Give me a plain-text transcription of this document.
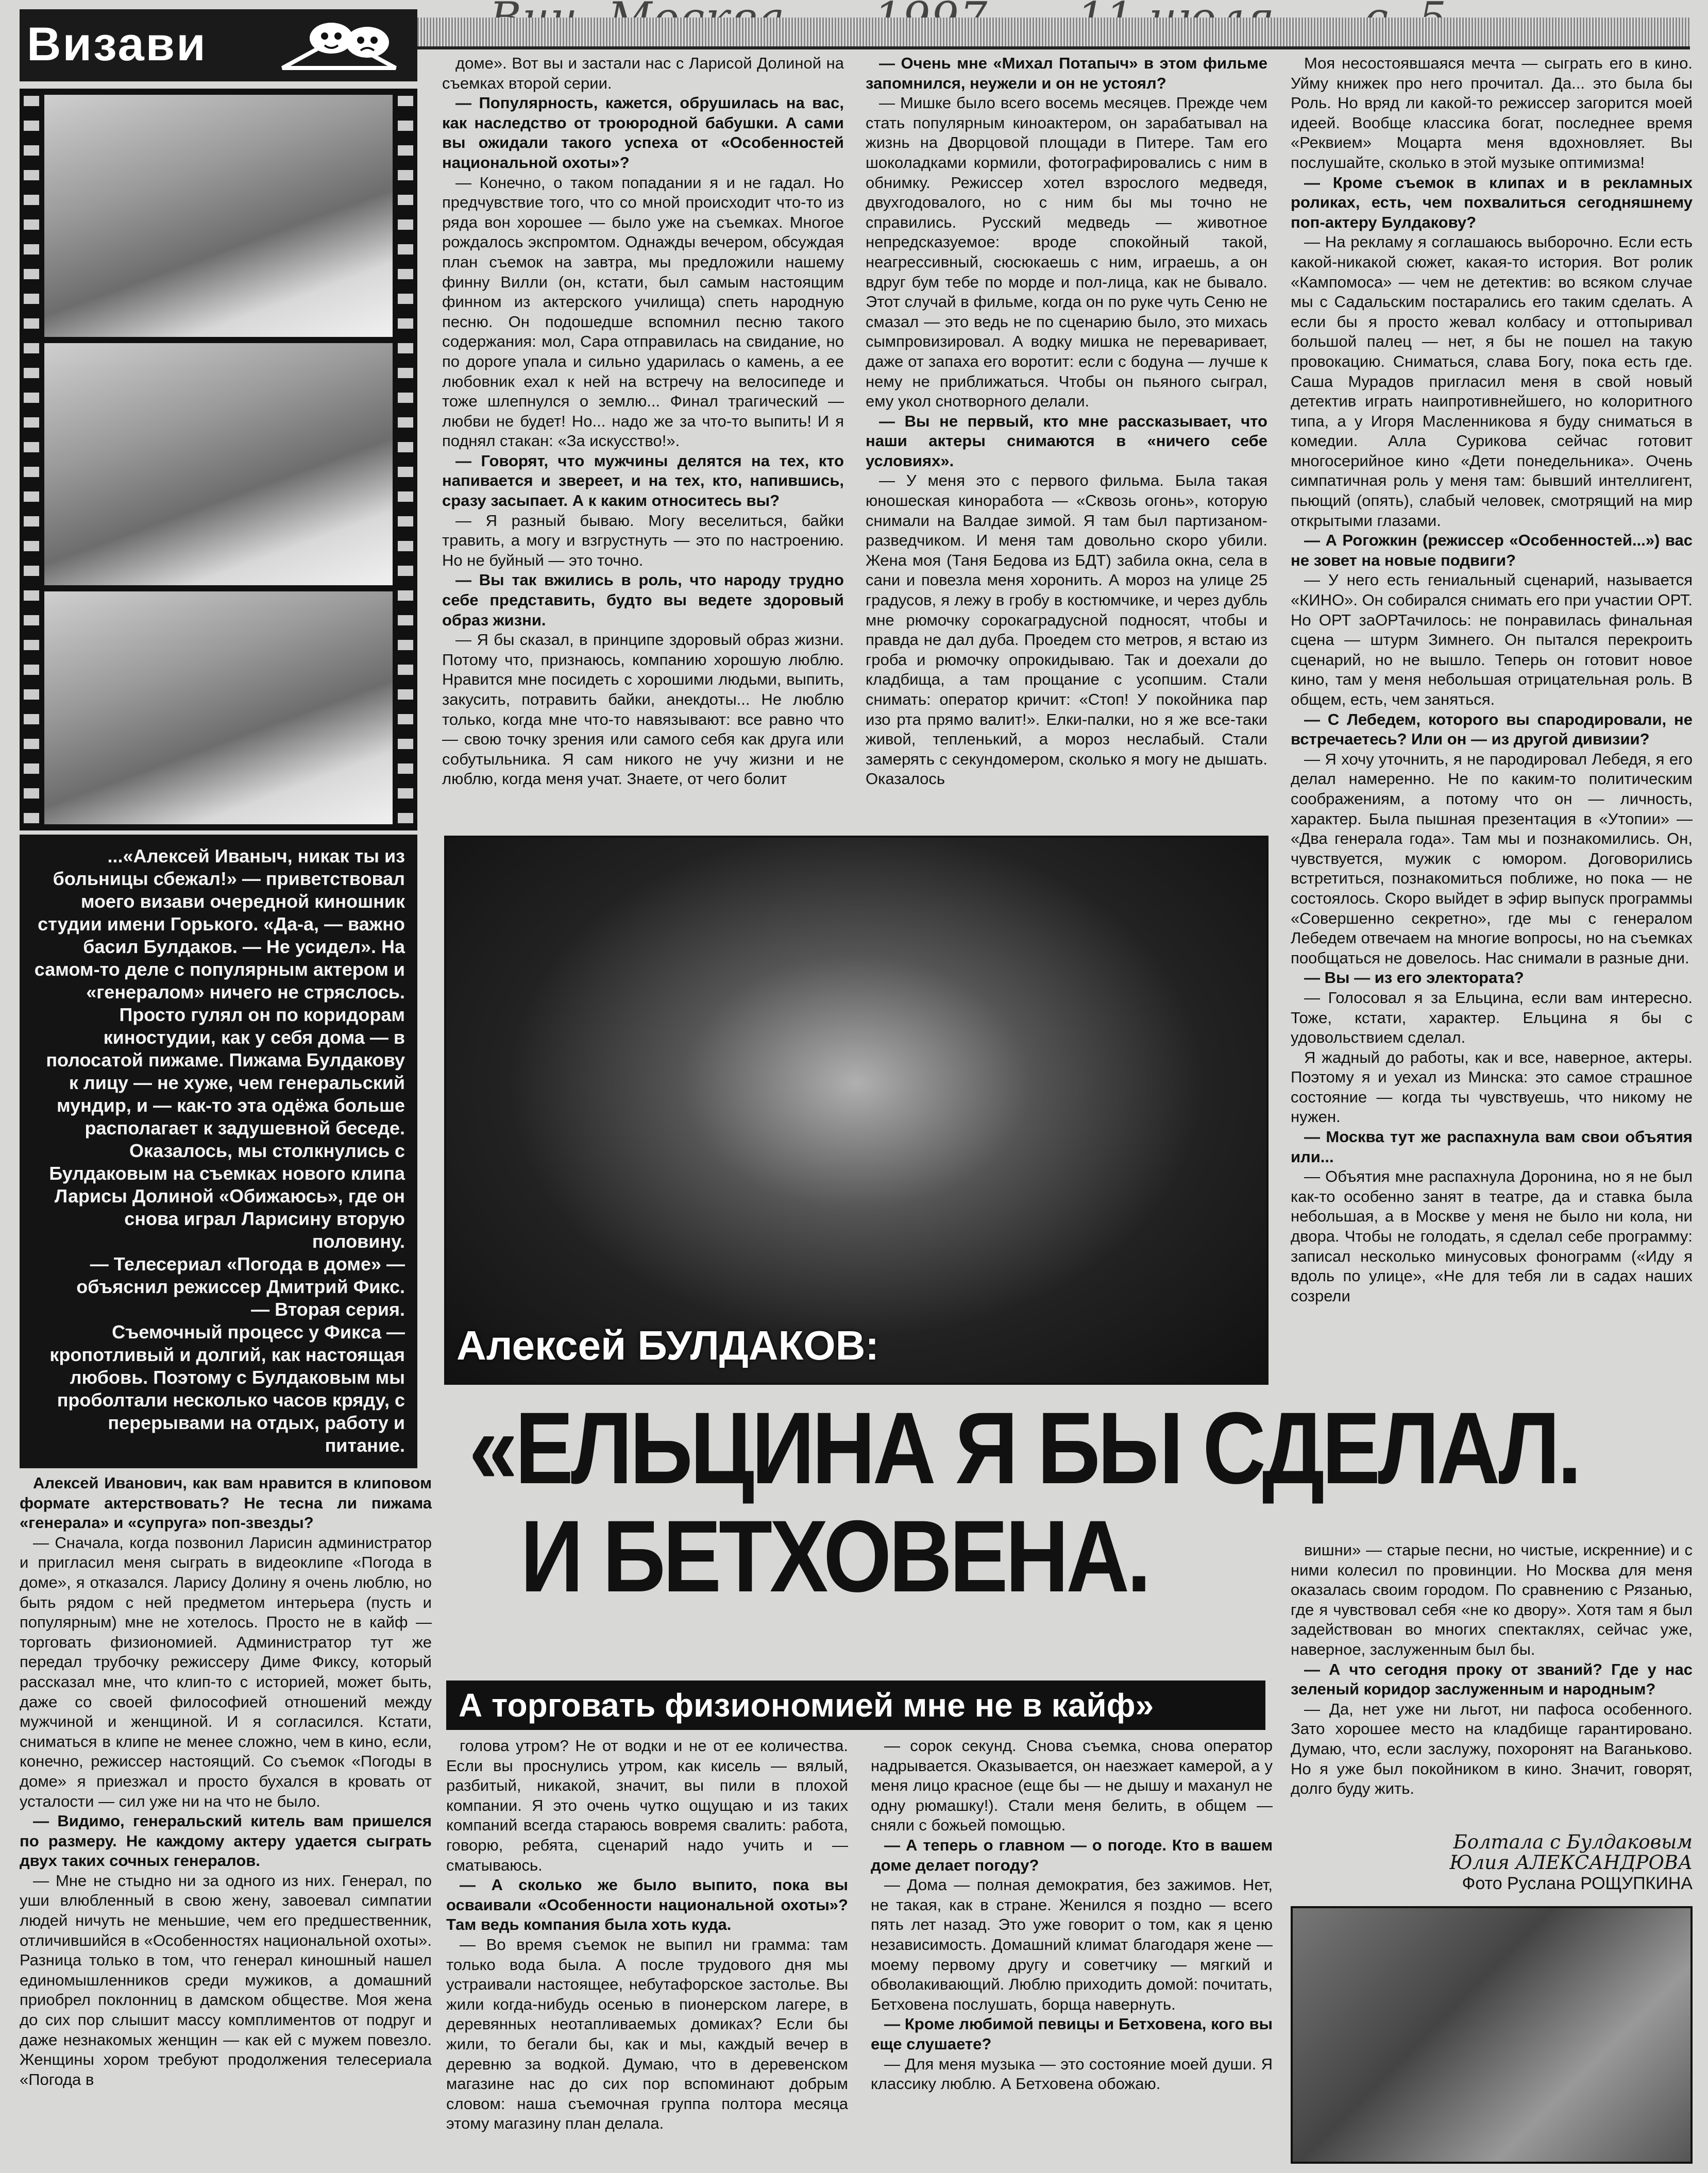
Визави

...«Алексей Иваныч, никак ты из больницы сбежал!» — приветствовал моего визави очередной киношник студии имени Горького. «Да-а, — важно басил Булдаков. — Не усидел». На самом-то деле с популярным актером и «генералом» ничего не стряслось. Просто гулял он по коридорам киностудии, как у себя дома — в полосатой пижаме. Пижама Булдакову к лицу — не хуже, чем генеральский мундир, и — как-то эта одёжа больше располагает к задушевной беседе. Оказалось, мы столкнулись с Булдаковым на съемках нового клипа Ларисы Долиной «Обижаюсь», где он снова играл Ларисину вторую половину.

— Телесериал «Погода в доме» — объяснил режиссер Дмитрий Фикс.

— Вторая серия.

Съемочный процесс у Фикса — кропотливый и долгий, как настоящая любовь. Поэтому с Булдаковым мы проболтали несколько часов кряду, с перерывами на отдых, работу и питание.

доме». Вот вы и застали нас с Ларисой Долиной на съемках второй серии.

— Популярность, кажется, обрушилась на вас, как наследство от троюродной бабушки. А сами вы ожидали такого успеха от «Особенностей национальной охоты»?

— Конечно, о таком попадании я и не гадал. Но предчувствие того, что со мной происходит что-то из ряда вон хорошее — было уже на съемках. Многое рождалось экспромтом. Однажды вечером, обсуждая план съемок на завтра, мы предложили нашему финну Вилли (он, кстати, был самым настоящим финном из актерского училища) спеть народную песню. Он подошедше вспомнил песню такого содержания: мол, Сара отправилась на свидание, но по дороге упала и сильно ударилась о камень, а ее любовник ехал к ней на встречу на велосипеде и тоже шлепнулся о землю... Финал трагический — любви не будет! Но... надо же за что-то выпить! И я поднял стакан: «За искусство!».

— Говорят, что мужчины делятся на тех, кто напивается и звереет, и на тех, кто, напившись, сразу засыпает. А к каким относитесь вы?

— Я разный бываю. Могу веселиться, байки травить, а могу и взгрустнуть — это по настроению. Но не буйный — это точно.

— Вы так вжились в роль, что народу трудно себе представить, будто вы ведете здоровый образ жизни.

— Я бы сказал, в принципе здоровый образ жизни. Потому что, признаюсь, компанию хорошую люблю. Нравится мне посидеть с хорошими людьми, выпить, закусить, потравить байки, анекдоты... Не люблю только, когда мне что-то навязывают: все равно что — свою точку зрения или самого себя как друга или собутыльника. Я сам никого не учу жизни и не люблю, когда меня учат. Знаете, от чего болит

— Очень мне «Михал Потапыч» в этом фильме запомнился, неужели и он не устоял?

— Мишке было всего восемь месяцев. Прежде чем стать популярным киноактером, он зарабатывал на жизнь на Дворцовой площади в Питере. Там его шоколадками кормили, фотографировались с ним в обнимку. Режиссер хотел взрослого медведя, двухгодовалого, но с ним бы мы точно не справились. Русский медведь — животное непредсказуемое: вроде спокойный такой, неагрессивный, сюсюкаешь с ним, играешь, а он вдруг бум тебе по морде и пол-лица, как не бывало. Этот случай в фильме, когда он по руке чуть Сеню не смазал — это ведь не по сценарию было, это михась сымпровизировал. А водку мишка не переваривает, даже от запаха его воротит: если с бодуна — лучше к нему не приближаться. Чтобы он пьяного сыграл, ему укол снотворного делали.

— Вы не первый, кто мне рассказывает, что наши актеры снимаются в «ничего себе условиях».

— У меня это с первого фильма. Была такая юношеская киноработа — «Сквозь огонь», которую снимали на Валдае зимой. Я там был партизаном-разведчиком. И меня там довольно скоро убили. Жена моя (Таня Бедова из БДТ) забила окна, села в сани и повезла меня хоронить. А мороз на улице 25 градусов, я лежу в гробу в костюмчике, и через дубль мне рюмочку сорокаградусной подносят, чтобы и правда не дал дуба. Проедем сто метров, я встаю из гроба и рюмочку опрокидываю. Так и доехали до кладбища, а там прощание с усопшим. Стали снимать: оператор кричит: «Стоп! У покойника пар изо рта прямо валит!». Елки-палки, но я же все-таки живой, тепленький, а мороз неслабый. Стали замерять с секундомером, сколько я могу не дышать. Оказалось

Моя несостоявшаяся мечта — сыграть его в кино. Уйму книжек про него прочитал. Да... это была бы Роль. Но вряд ли какой-то режиссер загорится моей идеей. Вообще классика богат, последнее время «Реквием» Моцарта меня вдохновляет. Вы послушайте, сколько в этой музыке оптимизма!

— Кроме съемок в клипах и в рекламных роликах, есть, чем похвалиться сегодняшнему поп-актеру Булдакову?

— На рекламу я соглашаюсь выборочно. Если есть какой-никакой сюжет, какая-то история. Вот ролик «Кампомоса» — чем не детектив: во всяком случае мы с Садальским постарались его таким сделать. А если бы я просто жевал колбасу и оттопыривал большой палец — нет, я бы не пошел на такую провокацию. Сниматься, слава Богу, пока есть где. Саша Мурадов пригласил меня в свой новый детектив играть наипротивнейшего, но колоритного типа, а у Игоря Масленникова я буду сниматься в комедии. Алла Сурикова сейчас готовит многосерийное кино «Дети понедельника». Очень симпатичная роль у меня там: бывший интеллигент, пьющий (опять), слабый человек, смотрящий на мир открытыми глазами.

— А Рогожкин (режиссер «Особенностей...») вас не зовет на новые подвиги?

— У него есть гениальный сценарий, называется «КИНО». Он собирался снимать его при участии ОРТ. Но ОРТ заОРТачилось: не понравилась финальная сцена — штурм Зимнего. Он пытался перекроить сценарий, но не вышло. Теперь он готовит новое кино, там у меня небольшая отрицательная роль. В общем, есть, чем заняться.

— С Лебедем, которого вы спародировали, не встречаетесь? Или он — из другой дивизии?

— Я хочу уточнить, я не пародировал Лебедя, я его делал намеренно. Не по каким-то политическим соображениям, а потому что он — личность, характер. Была пышная презентация в «Утопии» — «Два генерала года». Там мы и познакомились. Он, чувствуется, мужик с юмором. Договорились встретиться, познакомиться поближе, но пока — не состоялось. Скоро выйдет в эфир выпуск программы «Совершенно секретно», где мы с генералом Лебедем отвечаем на многие вопросы, но на съемках пообщаться не довелось. Нас снимали в разные дни.

— Вы — из его электората?

— Голосовал я за Ельцина, если вам интересно. Тоже, кстати, характер. Ельцина я бы с удовольствием сделал.

Я жадный до работы, как и все, наверное, актеры. Поэтому я и уехал из Минска: это самое страшное состояние — когда ты чувствуешь, что никому не нужен.

— Москва тут же распахнула вам свои объятия или...

— Объятия мне распахнула Доронина, но я не был как-то особенно занят в театре, да и ставка была небольшая, а в Москве у меня не было ни кола, ни двора. Чтобы не голодать, я сделал себе программу: записал несколько минусовых фонограмм («Иду я вдоль по улице», «Не для тебя ли в садах наших созрели

Алексей БУЛДАКОВ:
«ЕЛЬЦИНА Я БЫ СДЕЛАЛ.
И БЕТХОВЕНА.
А торговать физиономией мне не в кайф»

Алексей Иванович, как вам нравится в клиповом формате актерствовать? Не тесна ли пижама «генерала» и «супруга» поп-звезды?

— Сначала, когда позвонил Ларисин администратор и пригласил меня сыграть в видеоклипе «Погода в доме», я отказался. Ларису Долину я очень люблю, но быть рядом с ней предметом интерьера (пусть и популярным) мне не хотелось. Просто не в кайф — торговать физиономией. Администратор тут же передал трубочку режиссеру Диме Фиксу, который рассказал мне, что клип-то с историей, может быть, даже со своей философией отношений между мужчиной и женщиной. И я согласился. Кстати, сниматься в клипе не менее сложно, чем в кино, если, конечно, режиссер настоящий. Со съемок «Погоды в доме» я приезжал и просто бухался в кровать от усталости — сил уже ни на что не было.

— Видимо, генеральский китель вам пришелся по размеру. Не каждому актеру удается сыграть двух таких сочных генералов.

— Мне не стыдно ни за одного из них. Генерал, по уши влюбленный в свою жену, завоевал симпатии людей ничуть не меньшие, чем его предшественник, отличившийся в «Особенностях национальной охоты». Разница только в том, что генерал киношный нашел единомышленников среди мужиков, а домашний приобрел поклонниц в дамском обществе. Моя жена до сих пор слышит массу комплиментов от подруг и даже незнакомых женщин — как ей с мужем повезло. Женщины хором требуют продолжения телесериала «Погода в

голова утром? Не от водки и не от ее количества. Если вы проснулись утром, как кисель — вялый, разбитый, никакой, значит, вы пили в плохой компании. Я это очень чутко ощущаю и из таких компаний всегда стараюсь вовремя свалить: работа, говорю, ребята, сценарий надо учить и — сматываюсь.

— А сколько же было выпито, пока вы осваивали «Особенности национальной охоты»? Там ведь компания была хоть куда.

— Во время съемок не выпил ни грамма: там только вода была. А после трудового дня мы устраивали настоящее, небутафорское застолье. Вы жили когда-нибудь осенью в пионерском лагере, в деревянных неотапливаемых домиках? Если бы жили, то бегали бы, как и мы, каждый вечер в деревню за водкой. Думаю, что в деревенском магазине нас до сих пор вспоминают добрым словом: наша съемочная группа полтора месяца этому магазину план делала.

— сорок секунд. Снова съемка, снова оператор надрывается. Оказывается, он наезжает камерой, а у меня лицо красное (еще бы — не дышу и маханул не одну рюмашку!). Стали меня белить, в общем — сняли с божьей помощью.

— А теперь о главном — о погоде. Кто в вашем доме делает погоду?

— Дома — полная демократия, без зажимов. Нет, не такая, как в стране. Женился я поздно — всего пять лет назад. Это уже говорит о том, как я ценю независимость. Домашний климат благодаря жене — моему первому другу и советчику — мягкий и обволакивающий. Люблю приходить домой: почитать, Бетховена послушать, борща навернуть.

— Кроме любимой певицы и Бетховена, кого вы еще слушаете?

— Для меня музыка — это состояние моей души. Я классику люблю. А Бетховена обожаю.

вишни» — старые песни, но чистые, искренние) и с ними колесил по провинции. Но Москва для меня оказалась своим городом. По сравнению с Рязанью, где я чувствовал себя «не ко двору». Хотя там я был задействован во многих спектаклях, сейчас уже, наверное, заслуженным был бы.

— А что сегодня проку от званий? Где у нас зеленый коридор заслуженным и народным?

— Да, нет уже ни льгот, ни пафоса особенного. Зато хорошее место на кладбище гарантировано. Думаю, что, если заслужу, похоронят на Ваганьково. Но я уже был покойником в кино. Значит, говорят, долго буду жить.

Болтала с Булдаковым
Юлия АЛЕКСАНДРОВА
Фото Руслана РОЩУПКИНА
